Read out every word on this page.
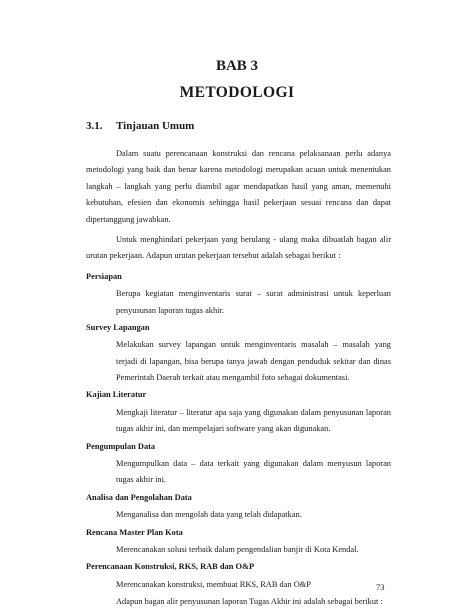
BAB 3
METODOLOGI
3.1. Tinjauan Umum

Dalam suatu perencanaan konstruksi dan rencana pelaksanaan perlu adanya metodologi yang baik dan benar karena metodologi merupakan acuan untuk menentukan langkah – langkah yang perlu diambil agar mendapatkan hasil yang aman, memenuhi kebutuhan, efesien dan ekonomis sehingga hasil pekerjaan sesuai rencana dan dapat dipertanggung jawabkan.

Untuk menghindari pekerjaan yang berulang - ulang maka dibuatlah bagan alir urutan pekerjaan. Adapun urutan pekerjaan tersebut adalah sebagai berikut :

Persiapan

Berupa kegiatan menginventaris surat – surat administrasi untuk keperluan penyusunan laporan tugas akhir.

Survey Lapangan

Melakukan survey lapangan untuk menginventaris masalah – masalah yang terjadi di lapangan, bisa berupa tanya jawab dengan penduduk sekitar dan dinas Pemerintah Daerah terkait atau mengambil foto sebagai dokumentasi.

Kajian Literatur

Mengkaji literatur – literatur apa saja yang digunakan dalam penyusunan laporan tugas akhir ini, dan mempelajari software yang akan digunakan.

Pengumpulan Data

Mengumpulkan data – data terkait yang digunakan dalam menyusun laporan tugas akhir ini.

Analisa dan Pengolahan Data

Menganalisa dan mengolah data yang telah didapatkan.

Rencana Master Plan Kota

Merencanakan solusi terbaik dalam pengendalian banjir di Kota Kendal.

Perencanaan Konstruksi, RKS, RAB dan O&P

Merencanakan konstruksi, membuat RKS, RAB dan O&P

Adapun bagan alir penyusunan laporan Tugas Akhir ini adalah sebagai berikut :

73
